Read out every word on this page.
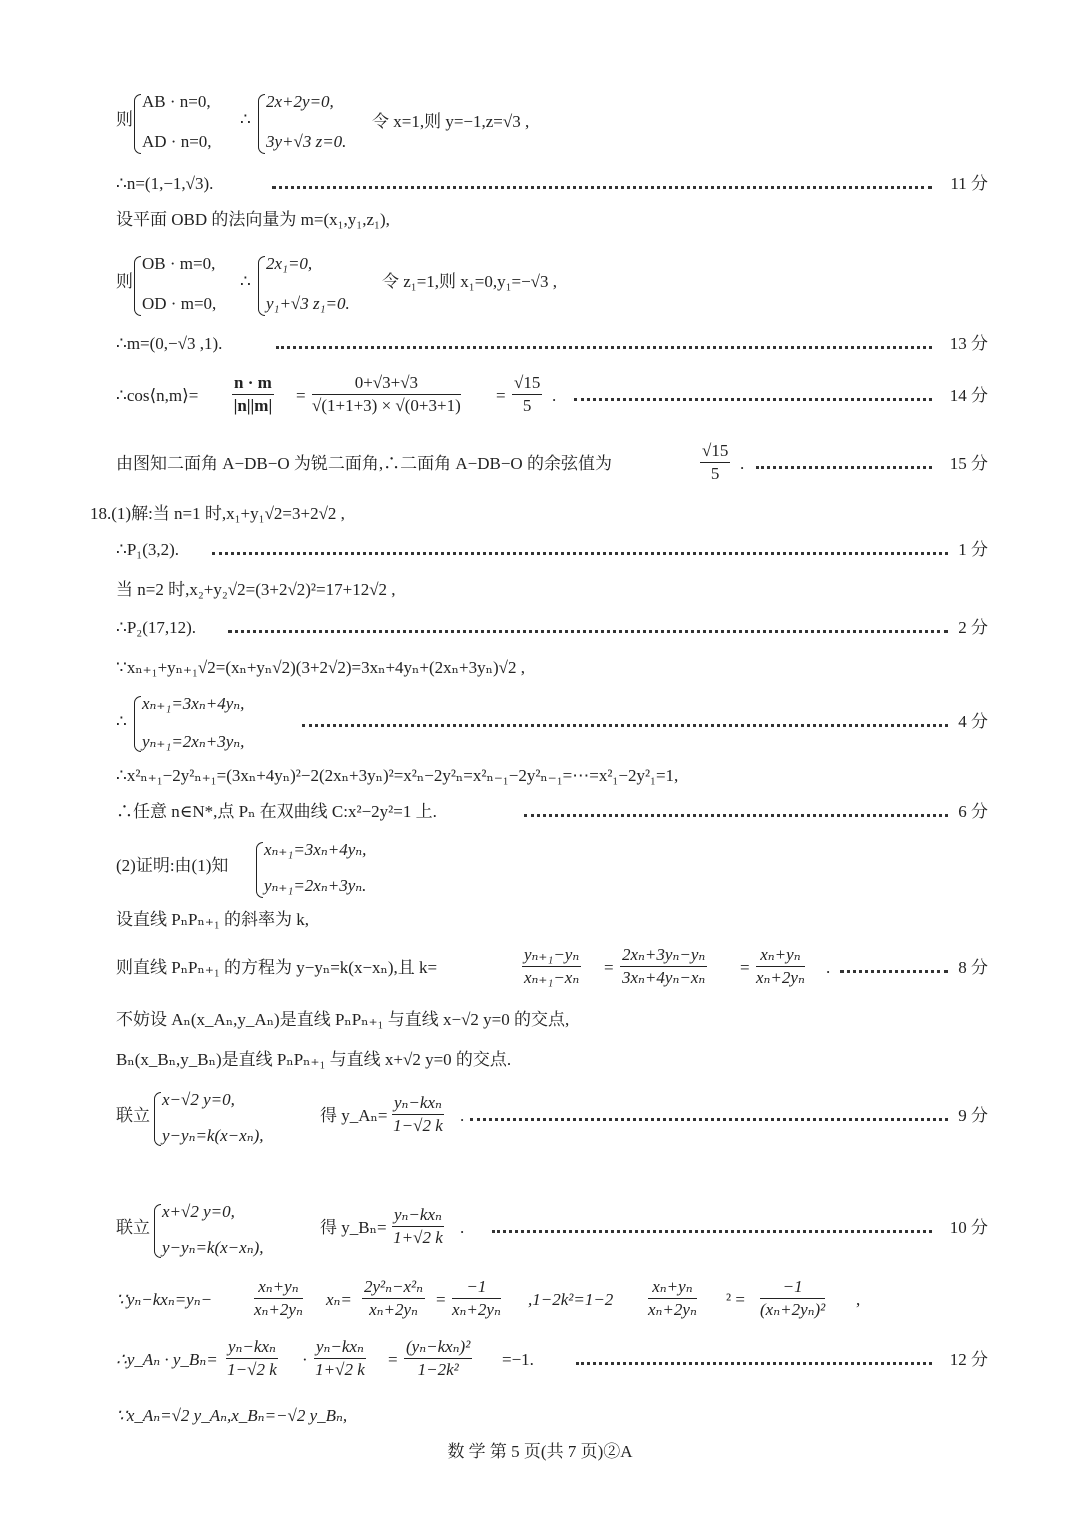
则
AB · n=0,
AD · n=0,
∴
2x+2y=0,
3y+√3 z=0.
令 x=1,则 y=−1,z=√3 ,
∴n=(1,−1,√3).	11 分
设平面 OBD 的法向量为 m=(x₁,y₁,z₁),
则
OB · m=0,
OD · m=0,
∴
2x₁=0,
y₁+√3 z₁=0.
令 z₁=1,则 x₁=0,y₁=−√3 ,
∴m=(0,−√3 ,1).	13 分
∴cos⟨n,m⟩= $\frac{n \cdot m}{|n||m|} = \frac{0+√3+√3}{√(1+1+3) \times √(0+3+1)} = \frac{√15}{5}$ .	14 分
由图知二面角 A−DB−O 为锐二面角,∴二面角 A−DB−O 的余弦值为	$\frac{√15}{5}$ .	15 分
18.(1)解:当 n=1 时,x₁+y₁√2=3+2√2 ,
∴P₁(3,2).	1 分
当 n=2 时,x₂+y₂√2=(3+2√2)²=17+12√2 ,
∴P₂(17,12).	2 分
∵xₙ₊₁+yₙ₊₁√2=(xₙ+yₙ√2)(3+2√2)=3xₙ+4yₙ+(2xₙ+3yₙ)√2 ,
∴
xₙ₊₁=3xₙ+4yₙ,
yₙ₊₁=2xₙ+3yₙ,
4 分
∴x²ₙ₊₁−2y²ₙ₊₁=(3xₙ+4yₙ)²−2(2xₙ+3yₙ)²=x²ₙ−2y²ₙ=x²ₙ₋₁−2y²ₙ₋₁=⋯=x²₁−2y²₁=1,
∴任意 n∈N*,点 Pₙ 在双曲线 C:x²−2y²=1 上.	6 分
(2)证明:由(1)知
xₙ₊₁=3xₙ+4yₙ,
yₙ₊₁=2xₙ+3yₙ.
设直线 PₙPₙ₊₁ 的斜率为 k,
则直线 PₙPₙ₊₁ 的方程为 y−yₙ=k(x−xₙ),且 k=	$\frac{\text{yₙ₊₁−yₙ}}{\text{xₙ₊₁−xₙ}} = \frac{\text{2xₙ+3yₙ−yₙ}}{\text{3xₙ+4yₙ−xₙ}} = \frac{\text{xₙ+yₙ}}{\text{xₙ+2yₙ}}$ .	8 分
不妨设 Aₙ(x_Aₙ,y_Aₙ)是直线 PₙPₙ₊₁ 与直线 x−√2 y=0 的交点,
Bₙ(x_Bₙ,y_Bₙ)是直线 PₙPₙ₊₁ 与直线 x+√2 y=0 的交点.
联立
x−√2 y=0,
y−yₙ=k(x−xₙ),
得 y_Aₙ=
yₙ−kxₙ
1−√2 k
.	9 分
联立
x+√2 y=0,
y−yₙ=k(x−xₙ),
得 y_Bₙ=
yₙ−kxₙ
1+√2 k
.	10 分
∵yₙ−kxₙ=yₙ− $\frac{\text{xₙ+yₙ}}{\text{xₙ+2yₙ}} x_n= \frac{\text{2y²ₙ−x²ₙ}}{\text{xₙ+2yₙ}} = \frac{-1}{\text{xₙ+2yₙ}} ,1-2k^2=1-2 \frac{\text{xₙ+yₙ}}{\text{xₙ+2yₙ}} ^2 = \frac{-1}{\text{(xₙ+2yₙ)²}}$ ,
∴y_Aₙ · y_Bₙ=
yₙ−kxₙ
1−√2 k
·
yₙ−kxₙ
1+√2 k
=
(yₙ−kxₙ)²
1−2k²
=−1.	12 分
∵x_Aₙ=√2 y_Aₙ,x_Bₙ=−√2 y_Bₙ,
数 学 第 5 页(共 7 页)②A
